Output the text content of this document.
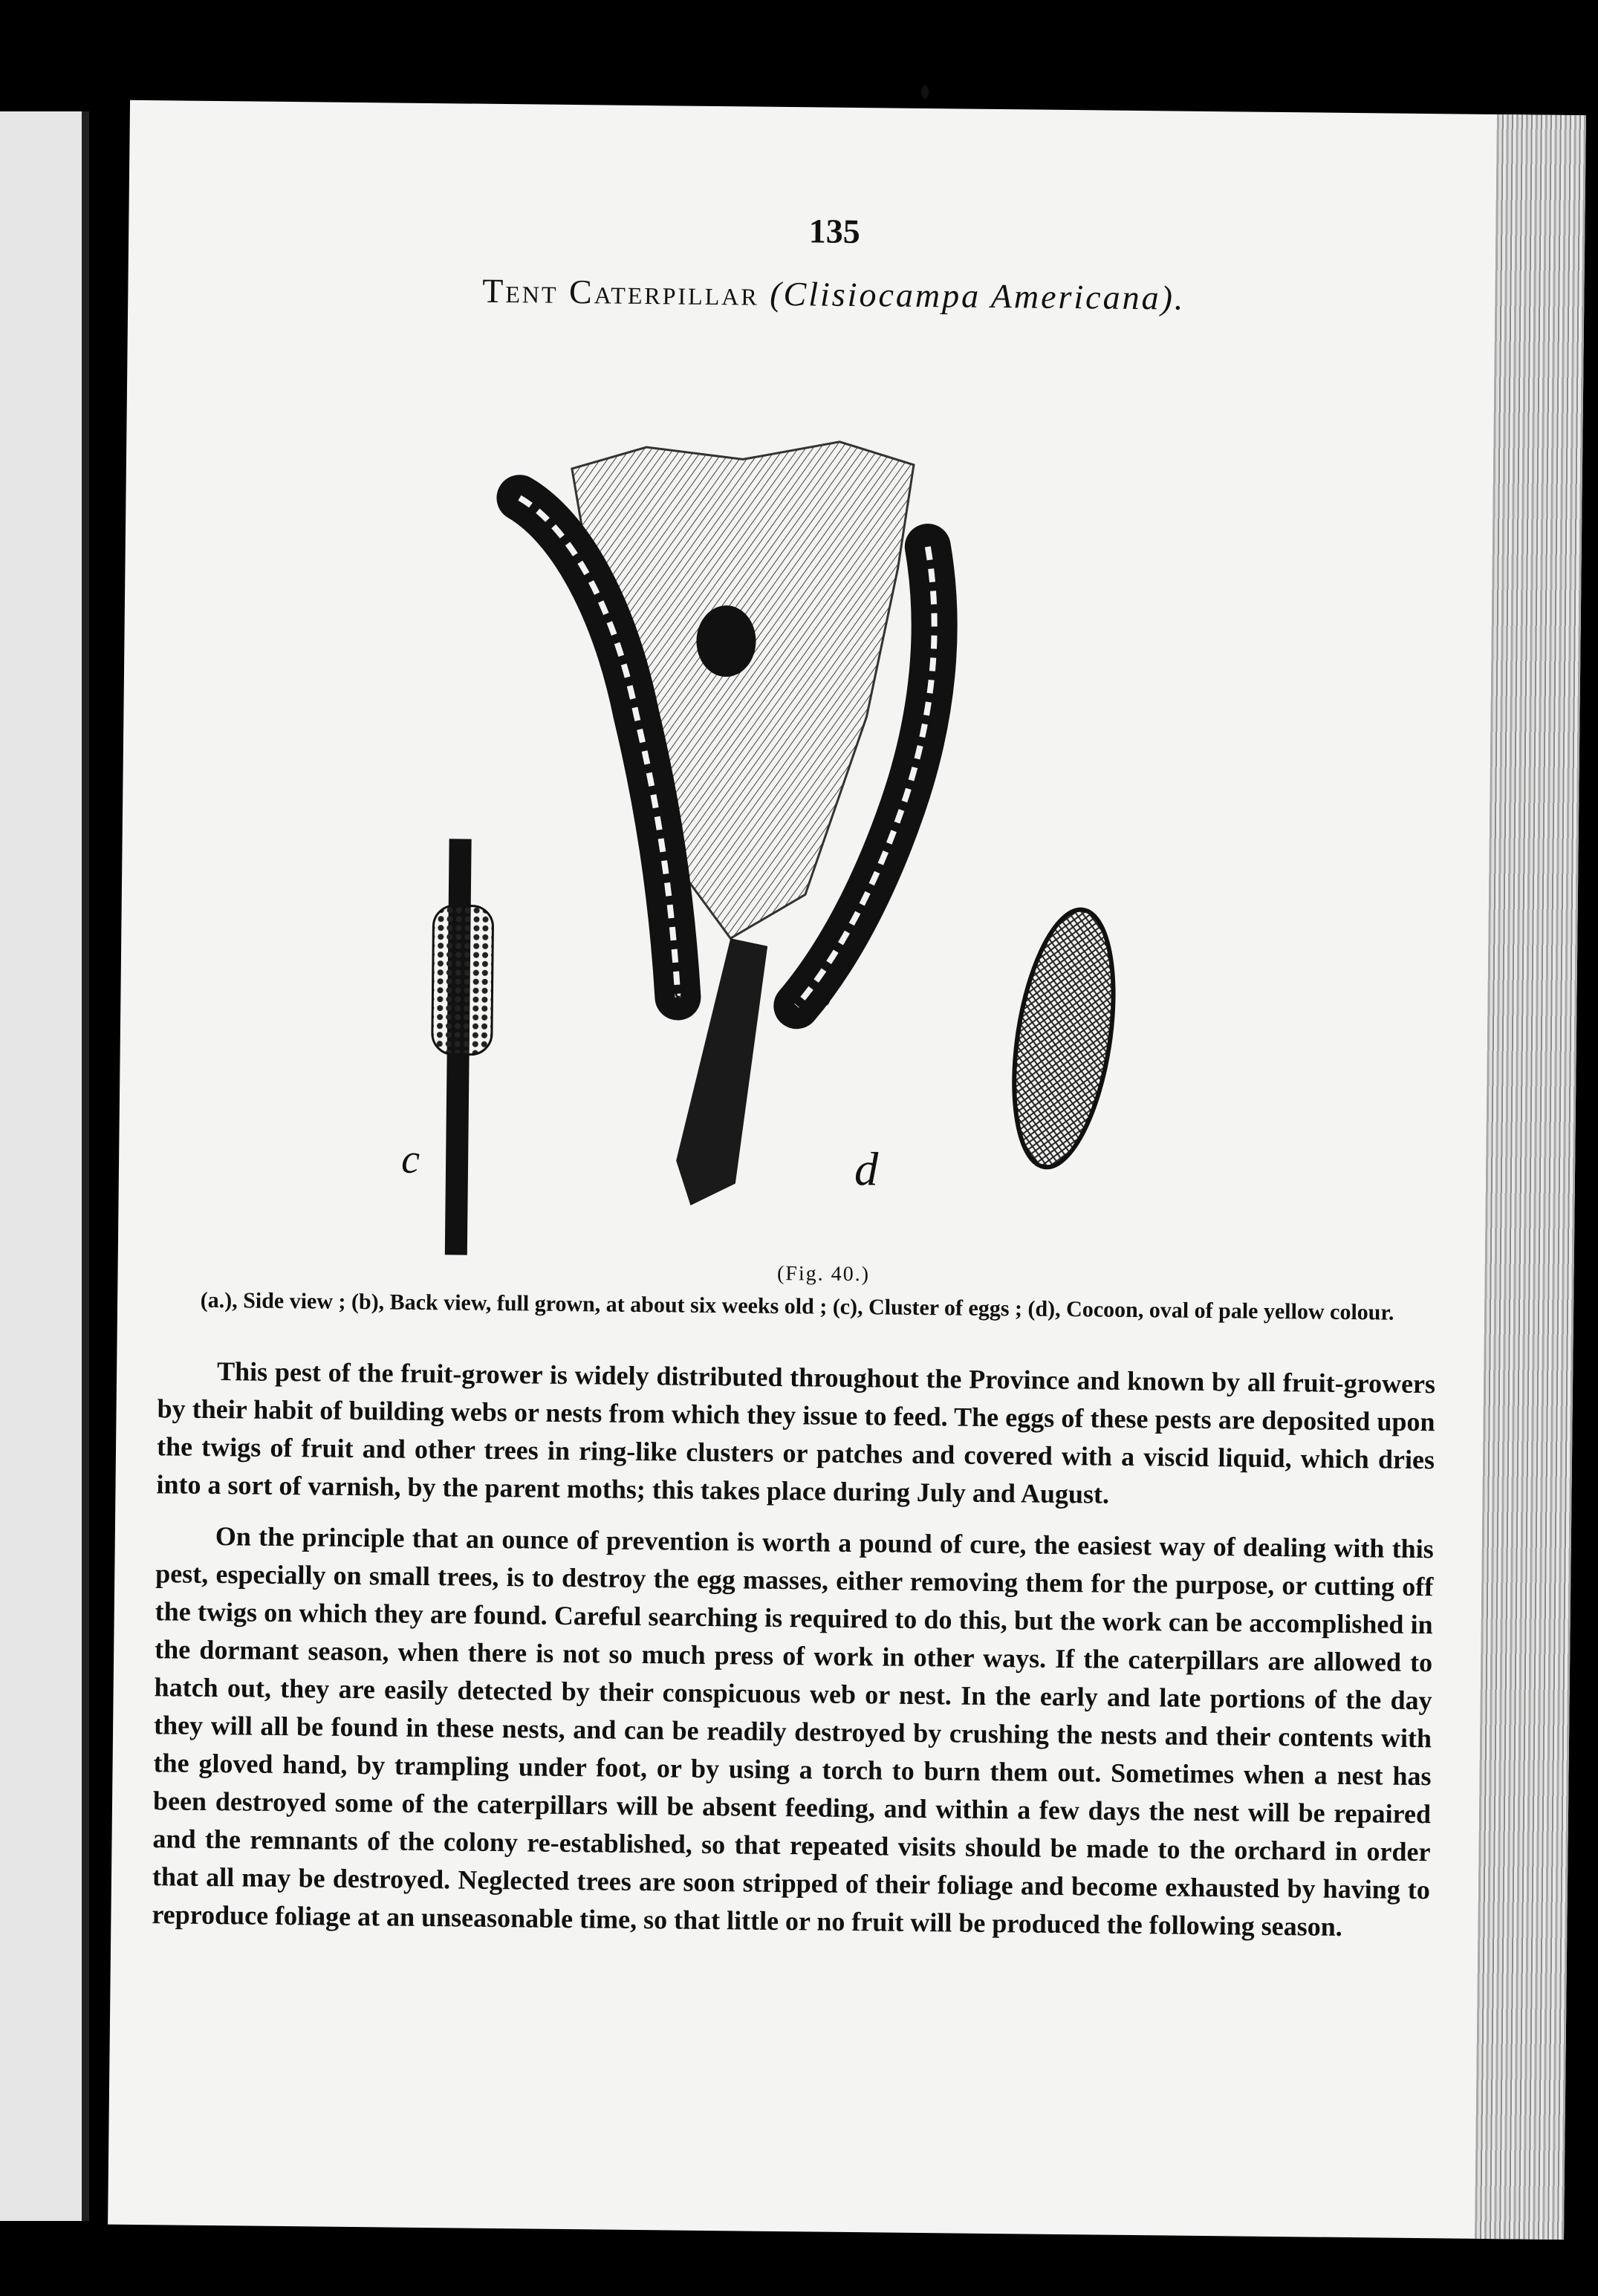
135
Tent Caterpillar (Clisiocampa Americana).
a	b
c	d
(Fig. 40.)
(a.), Side view ; (b), Back view, full grown, at about six weeks old ; (c), Cluster of eggs ; (d), Cocoon, oval of pale yellow colour.

This pest of the fruit-grower is widely distributed throughout the Province and known by all fruit-growers by their habit of building webs or nests from which they issue to feed. The eggs of these pests are deposited upon the twigs of fruit and other trees in ring-like clusters or patches and covered with a viscid liquid, which dries into a sort of varnish, by the parent moths; this takes place during July and August.

On the principle that an ounce of prevention is worth a pound of cure, the easiest way of dealing with this pest, especially on small trees, is to destroy the egg masses, either removing them for the purpose, or cutting off the twigs on which they are found. Careful searching is required to do this, but the work can be accomplished in the dormant season, when there is not so much press of work in other ways. If the caterpillars are allowed to hatch out, they are easily detected by their conspicuous web or nest. In the early and late portions of the day they will all be found in these nests, and can be readily destroyed by crushing the nests and their contents with the gloved hand, by trampling under foot, or by using a torch to burn them out. Sometimes when a nest has been destroyed some of the caterpillars will be absent feeding, and within a few days the nest will be repaired and the remnants of the colony re-established, so that repeated visits should be made to the orchard in order that all may be destroyed. Neglected trees are soon stripped of their foliage and become exhausted by having to reproduce foliage at an unseasonable time, so that little or no fruit will be produced the following season.
